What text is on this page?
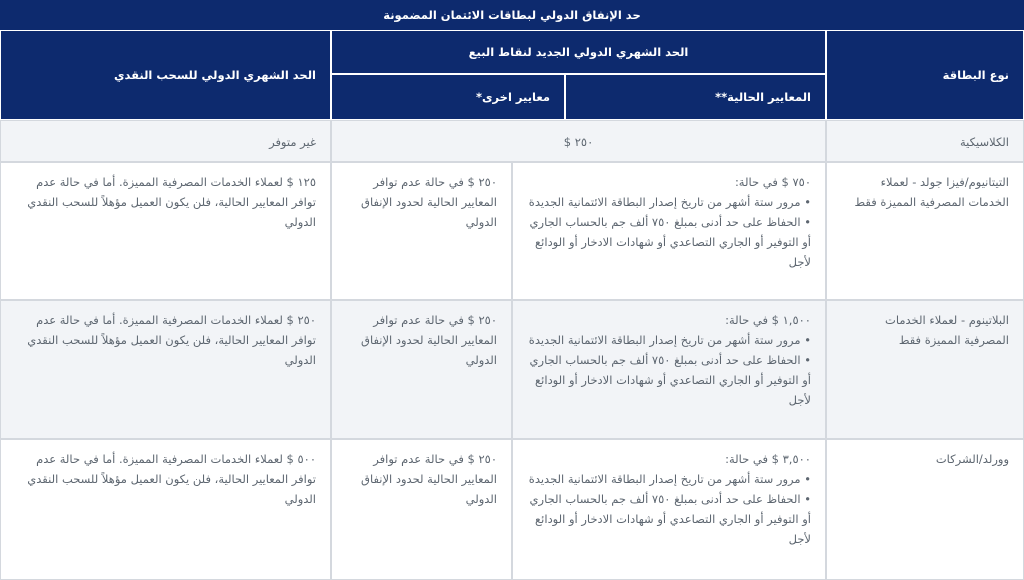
حد الإنفاق الدولي لبطاقات الائتمان المضمونة
نوع البطاقة
الحد الشهري الدولي الجديد لنقاط البيع
المعايير الحالية**
معايير اخرى*
الحد الشهري الدولي للسحب النقدي
الكلاسيكية
٢٥٠ $
غير متوفر
التيتانيوم/فيزا جولد - لعملاء الخدمات المصرفية المميزة فقط
٧٥٠ $ في حالة:
• مرور ستة أشهر من تاريخ إصدار البطاقة الائتمانية الجديدة
• الحفاظ على حد أدنى بمبلغ ٧٥٠ ألف جم بالحساب الجاري أو التوفير أو الجاري التصاعدي أو شهادات الادخار أو الودائع لأجل
٢٥٠ $ في حالة عدم توافر المعايير الحالية لحدود الإنفاق الدولي
١٢٥ $ لعملاء الخدمات المصرفية المميزة. أما في حالة عدم توافر المعايير الحالية، فلن يكون العميل مؤهلاً للسحب النقدي الدولي
البلاتينوم - لعملاء الخدمات المصرفية المميزة فقط
١,٥٠٠ $ في حالة:
• مرور ستة أشهر من تاريخ إصدار البطاقة الائتمانية الجديدة
• الحفاظ على حد أدنى بمبلغ ٧٥٠ ألف جم بالحساب الجاري أو التوفير أو الجاري التصاعدي أو شهادات الادخار أو الودائع لأجل
٢٥٠ $ في حالة عدم توافر المعايير الحالية لحدود الإنفاق الدولي
٢٥٠ $ لعملاء الخدمات المصرفية المميزة. أما في حالة عدم توافر المعايير الحالية، فلن يكون العميل مؤهلاً للسحب النقدي الدولي
وورلد/الشركات
٣,٥٠٠ $ في حالة:
• مرور ستة أشهر من تاريخ إصدار البطاقة الائتمانية الجديدة
• الحفاظ على حد أدنى بمبلغ ٧٥٠ ألف جم بالحساب الجاري أو التوفير أو الجاري التصاعدي أو شهادات الادخار أو الودائع لأجل
٢٥٠ $ في حالة عدم توافر المعايير الحالية لحدود الإنفاق الدولي
٥٠٠ $ لعملاء الخدمات المصرفية المميزة. أما في حالة عدم توافر المعايير الحالية، فلن يكون العميل مؤهلاً للسحب النقدي الدولي
